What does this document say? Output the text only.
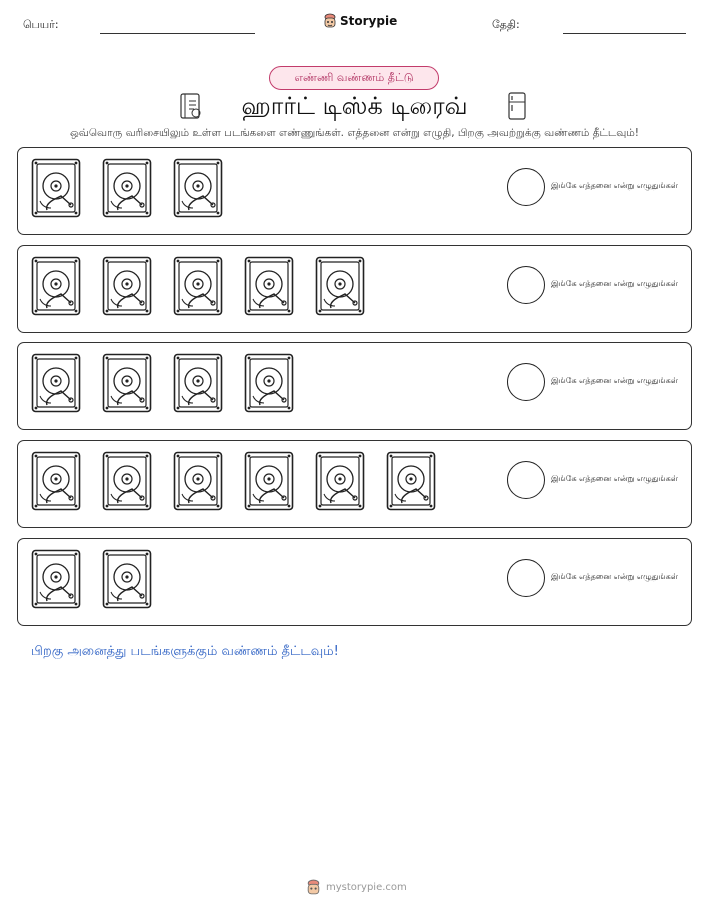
பெயர்:	Storypie	தேதி:
எண்ணி வண்ணம் தீட்டு
ஹார்ட் டிஸ்க் டிரைவ்
ஒவ்வொரு வரிசையிலும் உள்ள படங்களை எண்ணுங்கள். எத்தனை என்று எழுதி, பிறகு அவற்றுக்கு வண்ணம் தீட்டவும்!
இங்கே எத்தனை என்று எழுதுங்கள்
இங்கே எத்தனை என்று எழுதுங்கள்
இங்கே எத்தனை என்று எழுதுங்கள்
இங்கே எத்தனை என்று எழுதுங்கள்
இங்கே எத்தனை என்று எழுதுங்கள்
பிறகு அனைத்து படங்களுக்கும் வண்ணம் தீட்டவும்!
mystorypie.com
